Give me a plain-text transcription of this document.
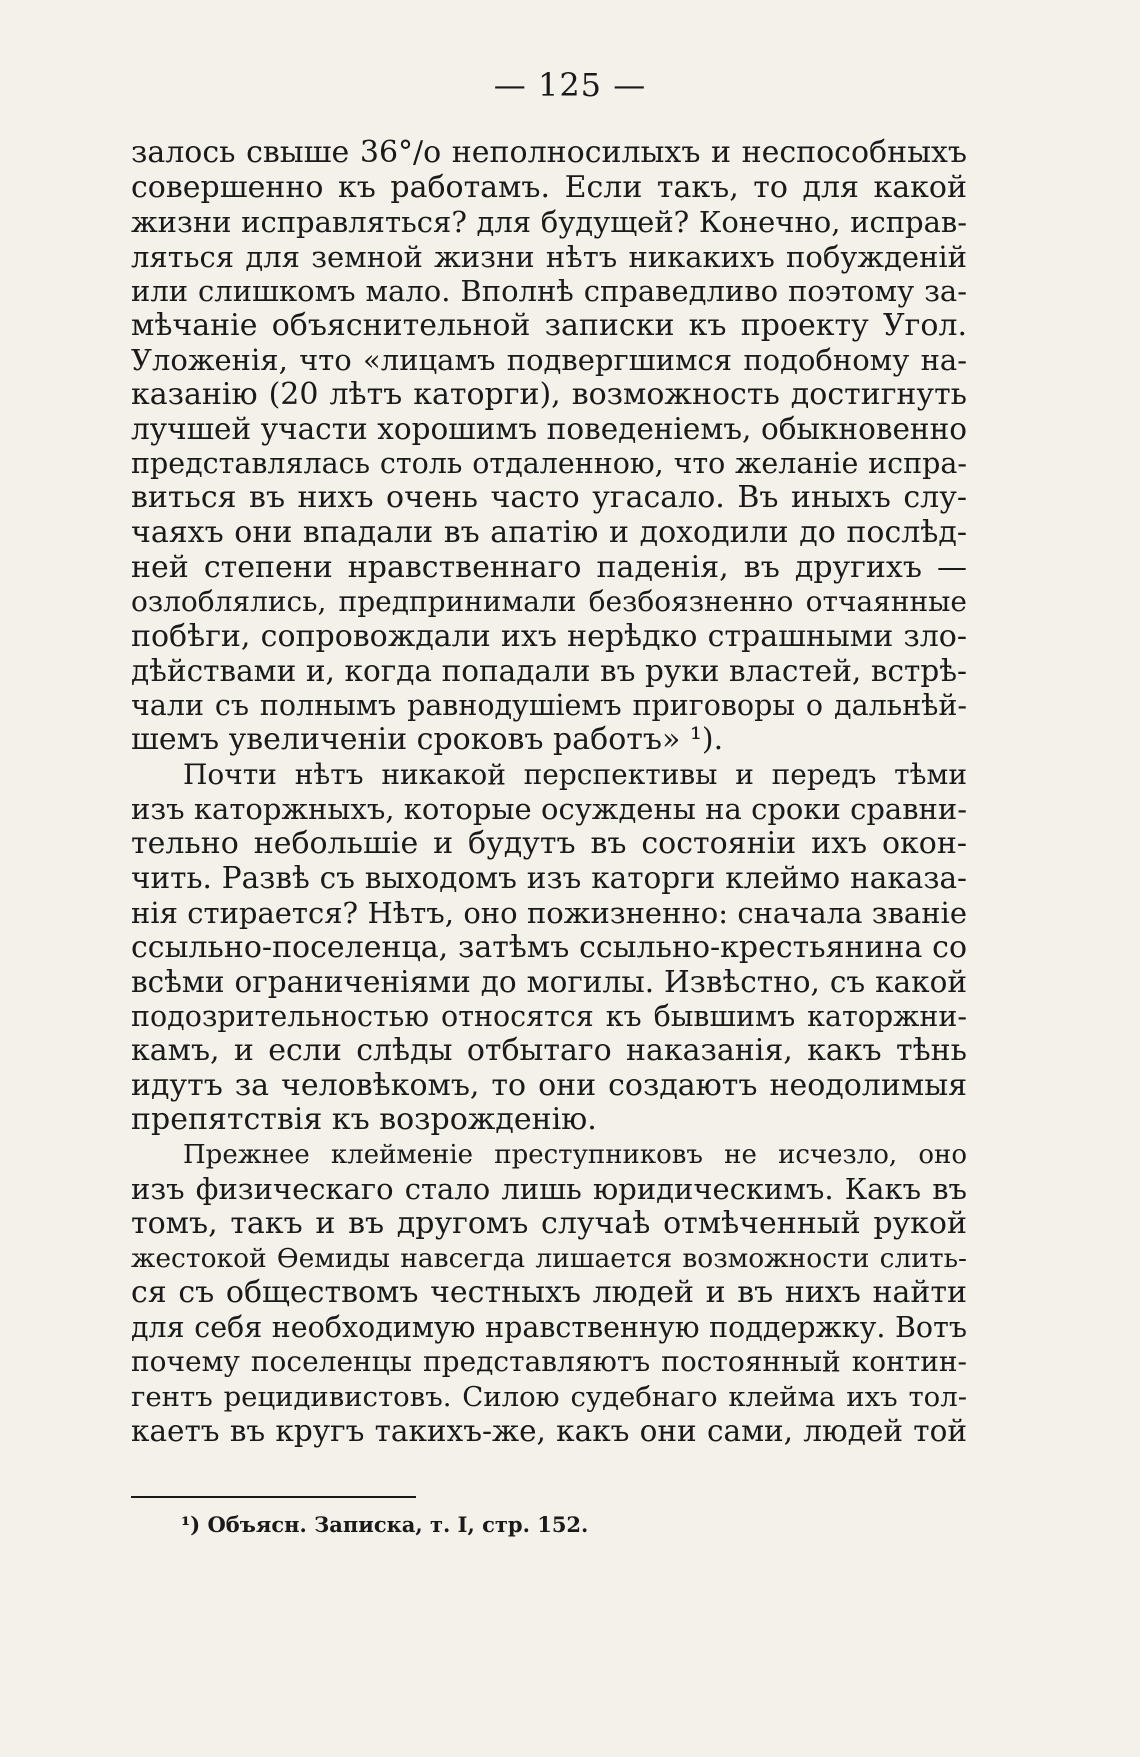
— 125 —
залось свыше 36°/о неполносилыхъ и неспособныхъ
совершенно къ работамъ. Если такъ, то для какой
жизни исправляться? для будущей? Конечно, исправ-
ляться для земной жизни нѣтъ никакихъ побужденій
или слишкомъ мало. Вполнѣ справедливо поэтому за-
мѣчаніе объяснительной записки къ проекту Угол.
Уложенія, что «лицамъ подвергшимся подобному на-
казанію (20 лѣтъ каторги), возможность достигнуть
лучшей участи хорошимъ поведеніемъ, обыкновенно
представлялась столь отдаленною, что желаніе испра-
виться въ нихъ очень часто угасало. Въ иныхъ слу-
чаяхъ они впадали въ апатію и доходили до послѣд-
ней степени нравственнаго паденія, въ другихъ —
озлоблялись, предпринимали безбоязненно отчаянные
побѣги, сопровождали ихъ нерѣдко страшными зло-
дѣйствами и, когда попадали въ руки властей, встрѣ-
чали съ полнымъ равнодушіемъ приговоры о дальнѣй-
шемъ увеличеніи сроковъ работъ» ¹).
Почти нѣтъ никакой перспективы и передъ тѣми
изъ каторжныхъ, которые осуждены на сроки сравни-
тельно небольшіе и будутъ въ состояніи ихъ окон-
чить. Развѣ съ выходомъ изъ каторги клеймо наказа-
нія стирается? Нѣтъ, оно пожизненно: сначала званіе
ссыльно-поселенца, затѣмъ ссыльно-крестьянина со
всѣми ограниченіями до могилы. Извѣстно, съ какой
подозрительностью относятся къ бывшимъ каторжни-
камъ, и если слѣды отбытаго наказанія, какъ тѣнь
идутъ за человѣкомъ, то они создаютъ неодолимыя
препятствія къ возрожденію.
Прежнее клейменіе преступниковъ не исчезло, оно
изъ физическаго стало лишь юридическимъ. Какъ въ
томъ, такъ и въ другомъ случаѣ отмѣченный рукой
жестокой Ѳемиды навсегда лишается возможности слить-
ся съ обществомъ честныхъ людей и въ нихъ найти
для себя необходимую нравственную поддержку. Вотъ
почему поселенцы представляютъ постоянный контин-
гентъ рецидивистовъ. Силою судебнаго клейма ихъ тол-
каетъ въ кругъ такихъ-же, какъ они сами, людей той
¹) Объясн. Записка, т. I, стр. 152.
